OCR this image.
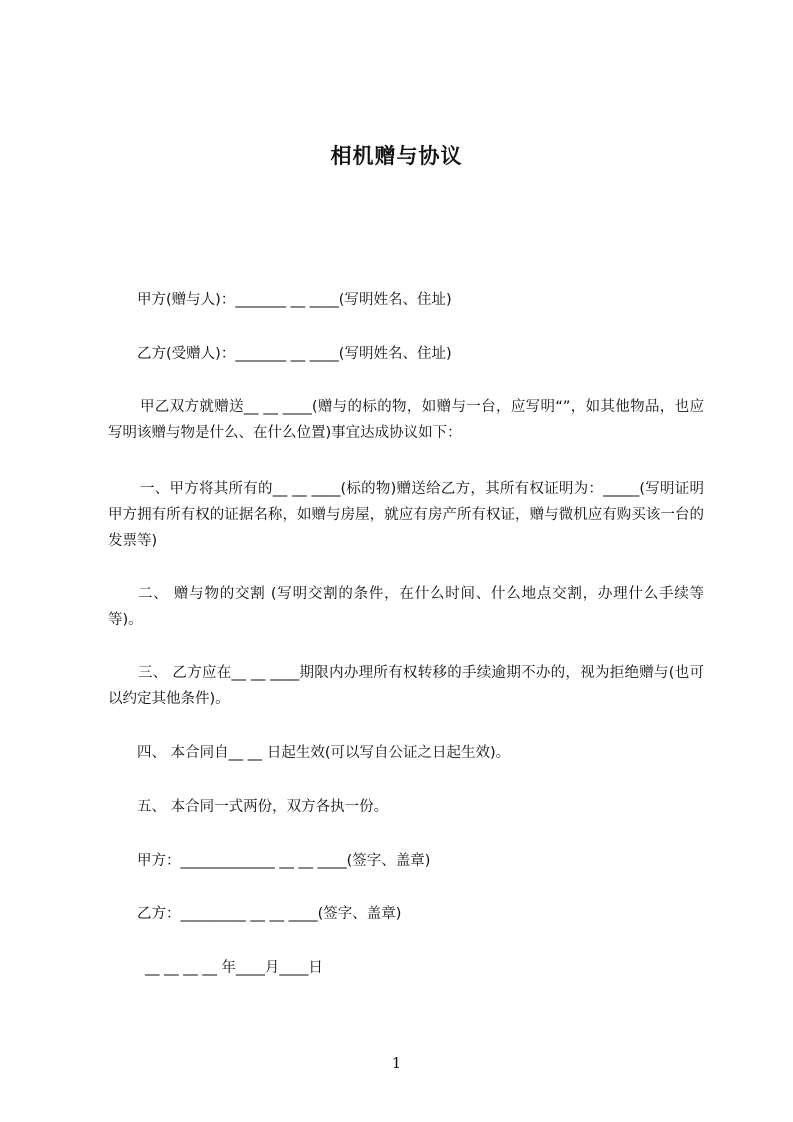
相机赠与协议

甲方(赠与人)：_______ __ ____(写明姓名、住址)

乙方(受赠人)：_______ __ ____(写明姓名、住址)

甲乙双方就赠送__ __ ____(赠与的标的物，如赠与一台，应写明“”，如其他物品，也应写明该赠与物是什么、在什么位置)事宜达成协议如下：

一、甲方将其所有的__ __ ____(标的物)赠送给乙方，其所有权证明为：_____(写明证明甲方拥有所有权的证据名称，如赠与房屋，就应有房产所有权证，赠与微机应有购买该一台的发票等)

二、 赠与物的交割 (写明交割的条件，在什么时间、什么地点交割，办理什么手续等等)。

三、 乙方应在__ __ ____期限内办理所有权转移的手续逾期不办的，视为拒绝赠与(也可以约定其他条件)。

四、 本合同自__ __ 日起生效(可以写自公证之日起生效)。

五、 本合同一式两份，双方各执一份。

甲方：_____________ __ __ ____(签字、盖章)

乙方：_________ __ __ ____(签字、盖章)

__ __ __ __ 年____月____日

1
